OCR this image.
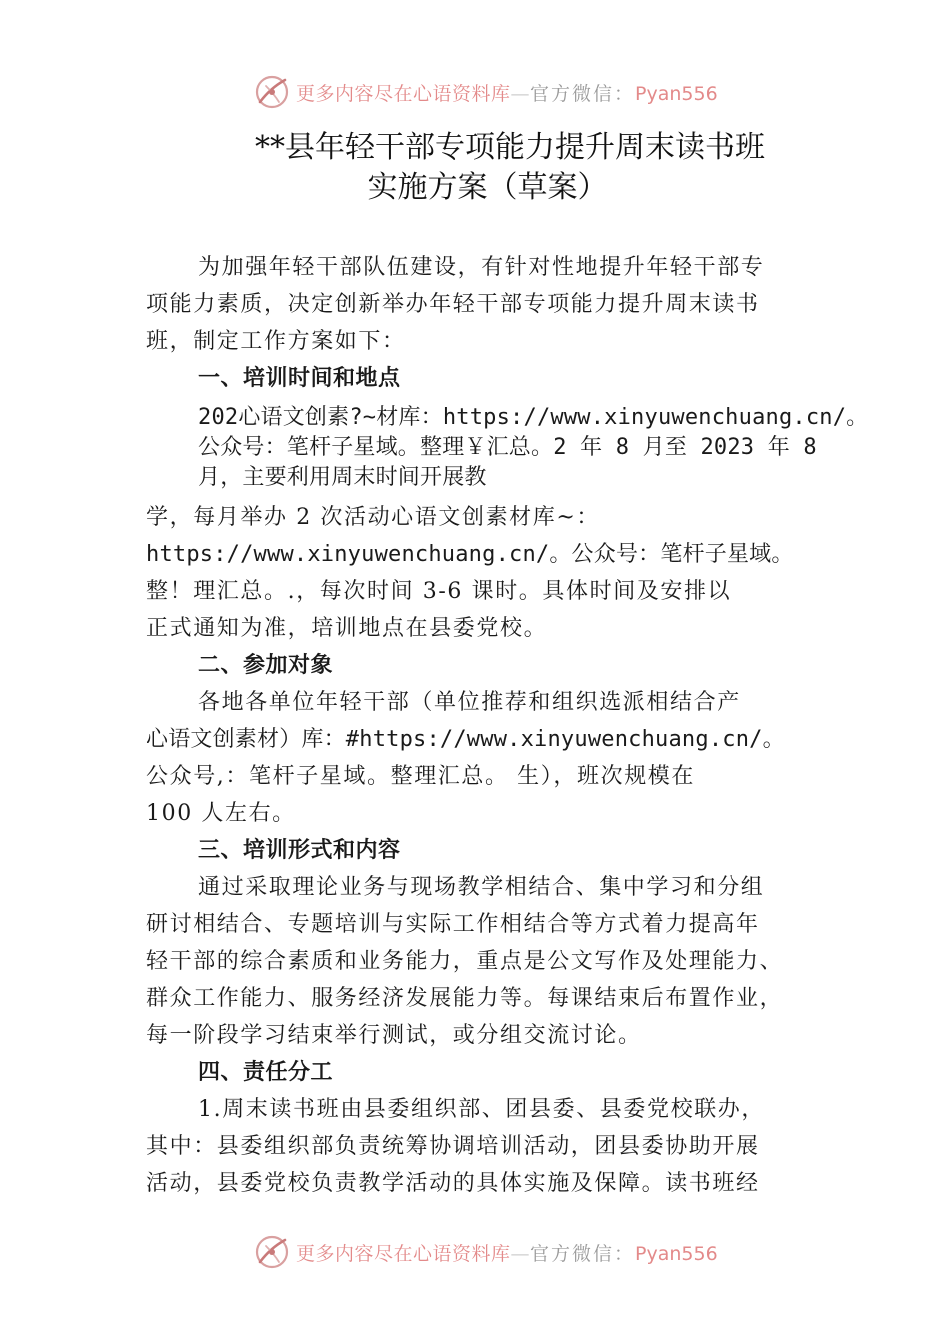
更多内容尽在心语资料库—官方微信：Pyan556
**县年轻干部专项能力提升周末读书班
实施方案（草案）
为加强年轻干部队伍建设，有针对性地提升年轻干部专
项能力素质，决定创新举办年轻干部专项能力提升周末读书
班，制定工作方案如下：
一、培训时间和地点
202心语文创素?~材库：https://www.xinyuwenchuang.cn/。
公众号：笔杆子星域。整理￥汇总。2 年 8 月至 2023 年 8
月，主要利用周末时间开展教
学，每月举办 2 次活动心语文创素材库~：
https://www.xinyuwenchuang.cn/。公众号：笔杆子星域。
整！理汇总。.，每次时间 3-6 课时。具体时间及安排以
正式通知为准，培训地点在县委党校。
二、参加对象
各地各单位年轻干部（单位推荐和组织选派相结合产
心语文创素材）库：#https://www.xinyuwenchuang.cn/。
公众号,：笔杆子星域。整理汇总。 生），班次规模在
100 人左右。
三、培训形式和内容
通过采取理论业务与现场教学相结合、集中学习和分组
研讨相结合、专题培训与实际工作相结合等方式着力提高年
轻干部的综合素质和业务能力，重点是公文写作及处理能力、
群众工作能力、服务经济发展能力等。每课结束后布置作业，
每一阶段学习结束举行测试，或分组交流讨论。
四、责任分工
1.周末读书班由县委组织部、团县委、县委党校联办，
其中：县委组织部负责统筹协调培训活动，团县委协助开展
活动，县委党校负责教学活动的具体实施及保障。读书班经
更多内容尽在心语资料库—官方微信：Pyan556
